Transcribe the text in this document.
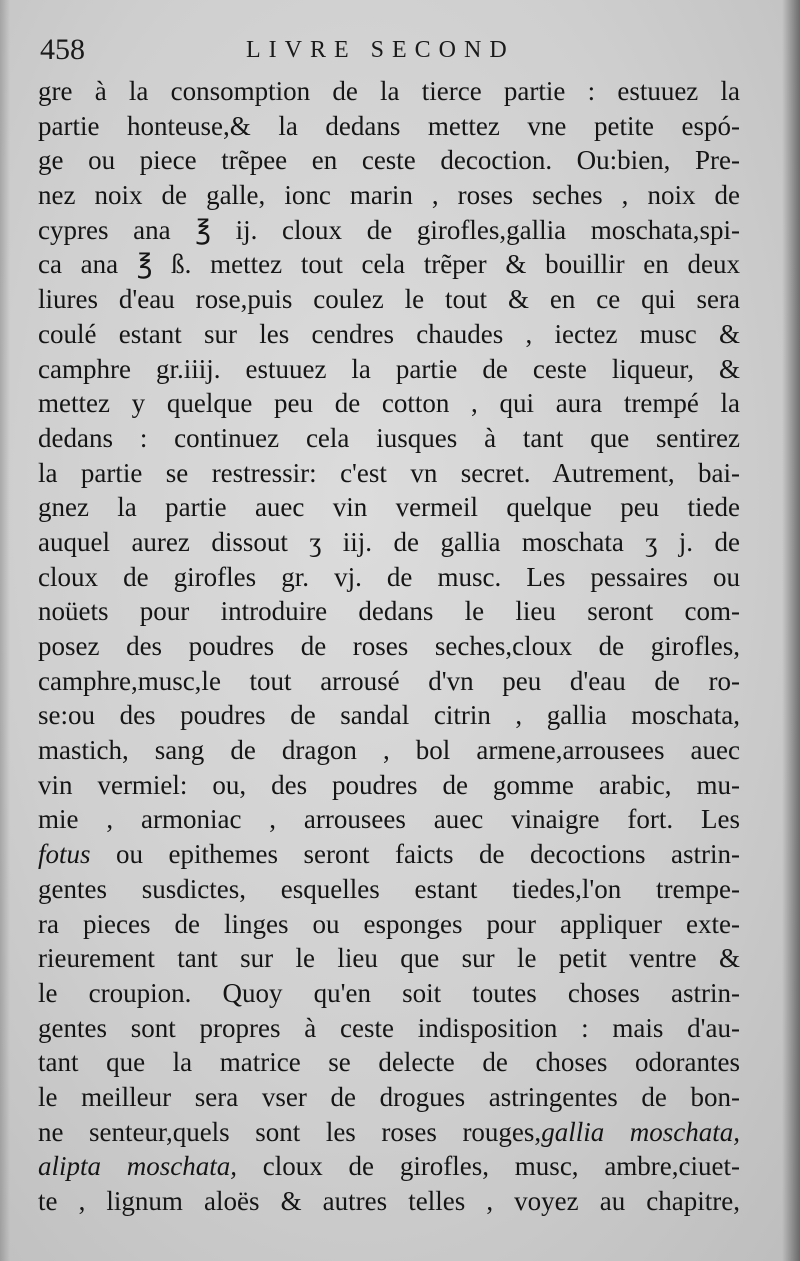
458	LIVRE SECOND
gre à la consomption de la tierce partie : estuuez la
partie honteuse,& la dedans mettez vne petite espó-
ge ou piece trẽpee en ceste decoction. Ou:bien, Pre-
nez noix de galle, ionc marin , roses seches , noix de
cypres ana ℥ ij. cloux de girofles,gallia moschata,spi-
ca ana ℥ ß. mettez tout cela trẽper & bouillir en deux
liures d'eau rose,puis coulez le tout & en ce qui sera
coulé estant sur les cendres chaudes , iectez musc &
camphre gr.iiij. estuuez la partie de ceste liqueur, &
mettez y quelque peu de cotton , qui aura trempé la
dedans : continuez cela iusques à tant que sentirez
la partie se restressir: c'est vn secret. Autrement, bai-
gnez la partie auec vin vermeil quelque peu tiede
auquel aurez dissout ʒ iij. de gallia moschata ʒ j. de
cloux de girofles gr. vj. de musc. Les pessaires ou
noüets pour introduire dedans le lieu seront com-
posez des poudres de roses seches,cloux de girofles,
camphre,musc,le tout arrousé d'vn peu d'eau de ro-
se:ou des poudres de sandal citrin , gallia moschata,
mastich, sang de dragon , bol armene,arrousees auec
vin vermiel: ou, des poudres de gomme arabic, mu-
mie , armoniac , arrousees auec vinaigre fort. Les
fotus ou epithemes seront faicts de decoctions astrin-
gentes susdictes, esquelles estant tiedes,l'on trempe-
ra pieces de linges ou esponges pour appliquer exte-
rieurement tant sur le lieu que sur le petit ventre &
le croupion. Quoy qu'en soit toutes choses astrin-
gentes sont propres à ceste indisposition : mais d'au-
tant que la matrice se delecte de choses odorantes
le meilleur sera vser de drogues astringentes de bon-
ne senteur,quels sont les roses rouges,gallia moschata,
alipta moschata, cloux de girofles, musc, ambre,ciuet-
te , lignum aloës & autres telles , voyez au chapitre,
